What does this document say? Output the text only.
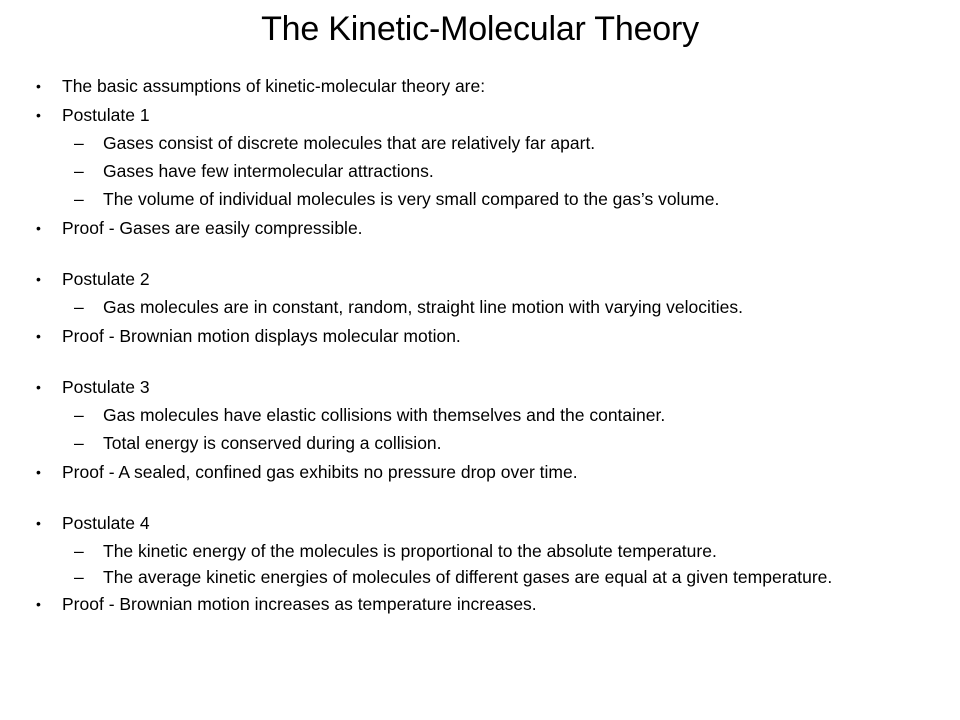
The Kinetic-Molecular Theory
• The basic assumptions of kinetic-molecular theory are:
• Postulate 1
– Gases consist of discrete molecules that are relatively far apart.
– Gases have few intermolecular attractions.
– The volume of individual molecules is very small compared to the gas’s volume.
• Proof - Gases are easily compressible.
• Postulate 2
– Gas molecules are in constant, random, straight line motion with varying velocities.
• Proof - Brownian motion displays molecular motion.
• Postulate 3
– Gas molecules have elastic collisions with themselves and the container.
– Total energy is conserved during a collision.
• Proof - A sealed, confined gas exhibits no pressure drop over time.
• Postulate 4
– The kinetic energy of the molecules is proportional to the absolute temperature.
– The average kinetic energies of molecules of different gases are equal at a given temperature.
• Proof - Brownian motion increases as temperature increases.
